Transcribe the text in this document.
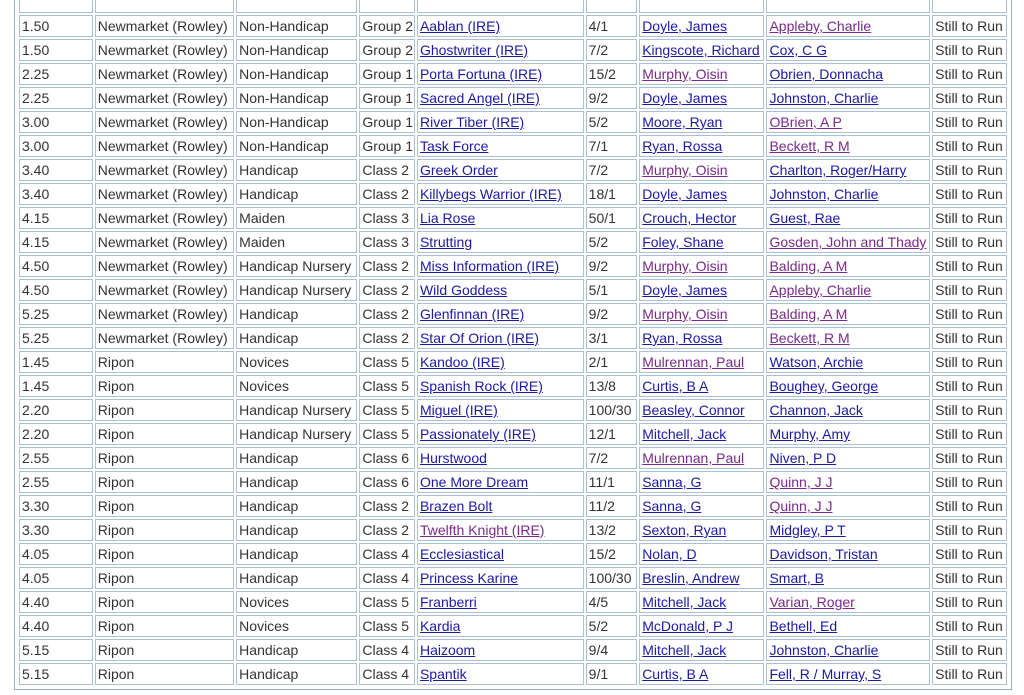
1.50	Newmarket (Rowley)	Non-Handicap	Group 2	Aablan (IRE)	4/1	Doyle, James	Appleby, Charlie	Still to Run
1.50	Newmarket (Rowley)	Non-Handicap	Group 2	Ghostwriter (IRE)	7/2	Kingscote, Richard	Cox, C G	Still to Run
2.25	Newmarket (Rowley)	Non-Handicap	Group 1	Porta Fortuna (IRE)	15/2	Murphy, Oisin	Obrien, Donnacha	Still to Run
2.25	Newmarket (Rowley)	Non-Handicap	Group 1	Sacred Angel (IRE)	9/2	Doyle, James	Johnston, Charlie	Still to Run
3.00	Newmarket (Rowley)	Non-Handicap	Group 1	River Tiber (IRE)	5/2	Moore, Ryan	OBrien, A P	Still to Run
3.00	Newmarket (Rowley)	Non-Handicap	Group 1	Task Force	7/1	Ryan, Rossa	Beckett, R M	Still to Run
3.40	Newmarket (Rowley)	Handicap	Class 2	Greek Order	7/2	Murphy, Oisin	Charlton, Roger/Harry	Still to Run
3.40	Newmarket (Rowley)	Handicap	Class 2	Killybegs Warrior (IRE)	18/1	Doyle, James	Johnston, Charlie	Still to Run
4.15	Newmarket (Rowley)	Maiden	Class 3	Lia Rose	50/1	Crouch, Hector	Guest, Rae	Still to Run
4.15	Newmarket (Rowley)	Maiden	Class 3	Strutting	5/2	Foley, Shane	Gosden, John and Thady	Still to Run
4.50	Newmarket (Rowley)	Handicap Nursery	Class 2	Miss Information (IRE)	9/2	Murphy, Oisin	Balding, A M	Still to Run
4.50	Newmarket (Rowley)	Handicap Nursery	Class 2	Wild Goddess	5/1	Doyle, James	Appleby, Charlie	Still to Run
5.25	Newmarket (Rowley)	Handicap	Class 2	Glenfinnan (IRE)	9/2	Murphy, Oisin	Balding, A M	Still to Run
5.25	Newmarket (Rowley)	Handicap	Class 2	Star Of Orion (IRE)	3/1	Ryan, Rossa	Beckett, R M	Still to Run
1.45	Ripon	Novices	Class 5	Kandoo (IRE)	2/1	Mulrennan, Paul	Watson, Archie	Still to Run
1.45	Ripon	Novices	Class 5	Spanish Rock (IRE)	13/8	Curtis, B A	Boughey, George	Still to Run
2.20	Ripon	Handicap Nursery	Class 5	Miguel (IRE)	100/30	Beasley, Connor	Channon, Jack	Still to Run
2.20	Ripon	Handicap Nursery	Class 5	Passionately (IRE)	12/1	Mitchell, Jack	Murphy, Amy	Still to Run
2.55	Ripon	Handicap	Class 6	Hurstwood	7/2	Mulrennan, Paul	Niven, P D	Still to Run
2.55	Ripon	Handicap	Class 6	One More Dream	11/1	Sanna, G	Quinn, J J	Still to Run
3.30	Ripon	Handicap	Class 2	Brazen Bolt	11/2	Sanna, G	Quinn, J J	Still to Run
3.30	Ripon	Handicap	Class 2	Twelfth Knight (IRE)	13/2	Sexton, Ryan	Midgley, P T	Still to Run
4.05	Ripon	Handicap	Class 4	Ecclesiastical	15/2	Nolan, D	Davidson, Tristan	Still to Run
4.05	Ripon	Handicap	Class 4	Princess Karine	100/30	Breslin, Andrew	Smart, B	Still to Run
4.40	Ripon	Novices	Class 5	Franberri	4/5	Mitchell, Jack	Varian, Roger	Still to Run
4.40	Ripon	Novices	Class 5	Kardia	5/2	McDonald, P J	Bethell, Ed	Still to Run
5.15	Ripon	Handicap	Class 4	Haizoom	9/4	Mitchell, Jack	Johnston, Charlie	Still to Run
5.15	Ripon	Handicap	Class 4	Spantik	9/1	Curtis, B A	Fell, R / Murray, S	Still to Run
